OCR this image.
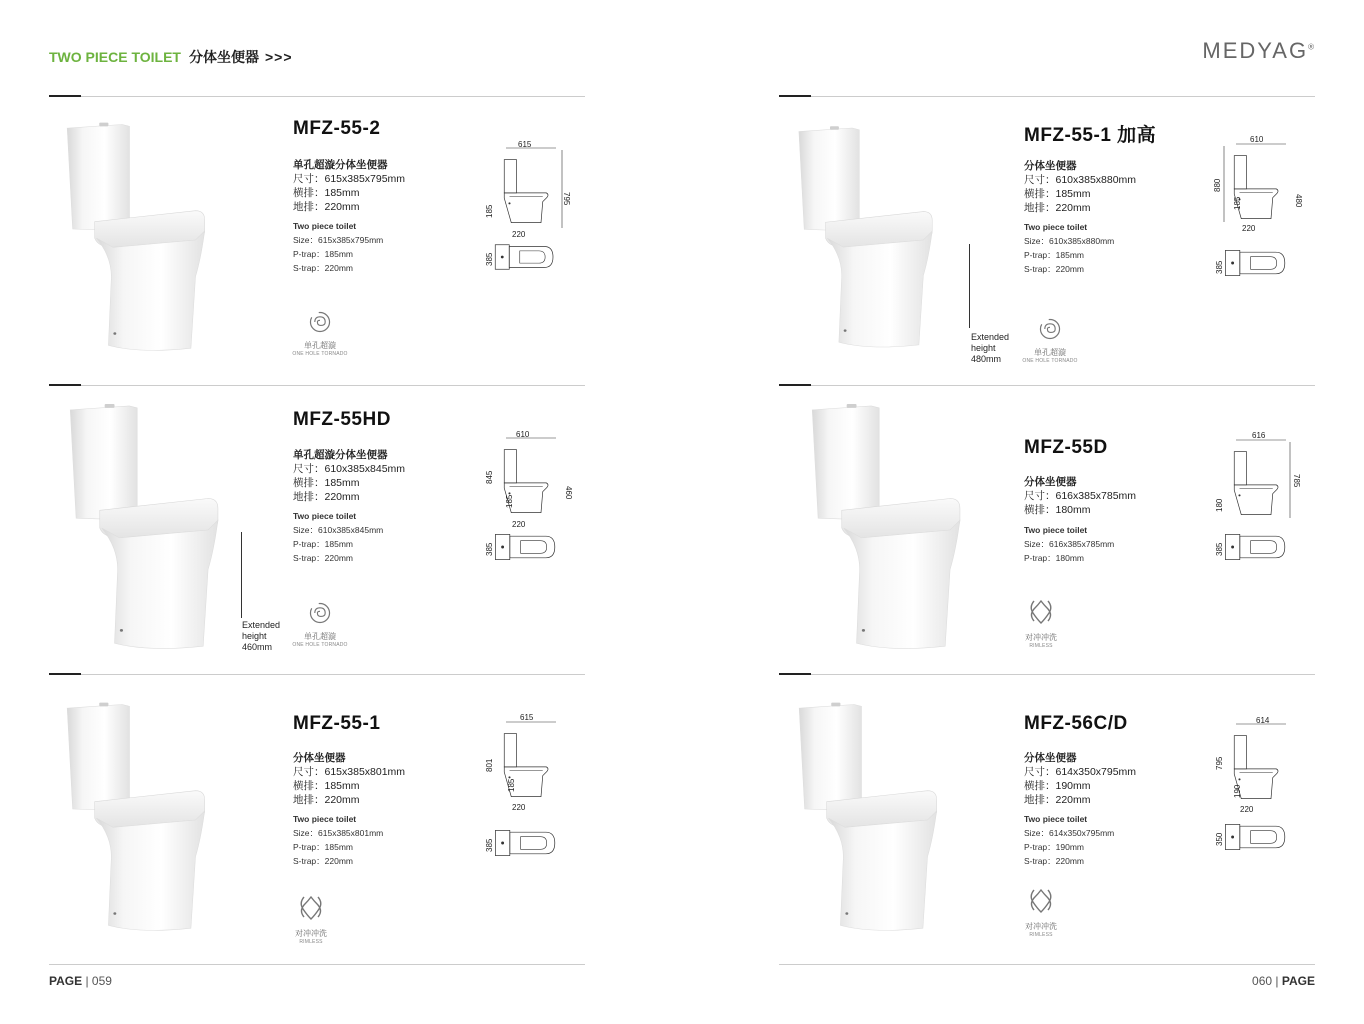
TWO PIECE TOILET 分体坐便器 >>>	MEDYAG®
MFZ-55-2
单孔超漩分体坐便器
尺寸：615x385x795mm
横排：185mm
地排：220mm
Two piece toilet
Size：615x385x795mm
P-trap：185mm
S-trap：220mm
单孔超漩
ONE HOLE TORNADO
615
795
185
220
385
MFZ-55-1 加高
分体坐便器
尺寸：610x385x880mm
横排：185mm
地排：220mm
Two piece toilet
Size：610x385x880mm
P-trap：185mm
S-trap：220mm
Extended
height
480mm
单孔超漩
ONE HOLE TORNADO
610
880
480
185
220
385
MFZ-55HD
单孔超漩分体坐便器
尺寸：610x385x845mm
横排：185mm
地排：220mm
Two piece toilet
Size：610x385x845mm
P-trap：185mm
S-trap：220mm
Extended
height
460mm
单孔超漩
ONE HOLE TORNADO
610
845
460
185
220
385
MFZ-55D
分体坐便器
尺寸：616x385x785mm
横排：180mm
Two piece toilet
Size：616x385x785mm
P-trap：180mm
对冲冲洗
RIMLESS
616
785
180
385
MFZ-55-1
分体坐便器
尺寸：615x385x801mm
横排：185mm
地排：220mm
Two piece toilet
Size：615x385x801mm
P-trap：185mm
S-trap：220mm
对冲冲洗
RIMLESS
615
801
185
220
385
MFZ-56C/D
分体坐便器
尺寸：614x350x795mm
横排：190mm
地排：220mm
Two piece toilet
Size：614x350x795mm
P-trap：190mm
S-trap：220mm
对冲冲洗
RIMLESS
614
795
190
220
350
PAGE | 059	060 | PAGE
